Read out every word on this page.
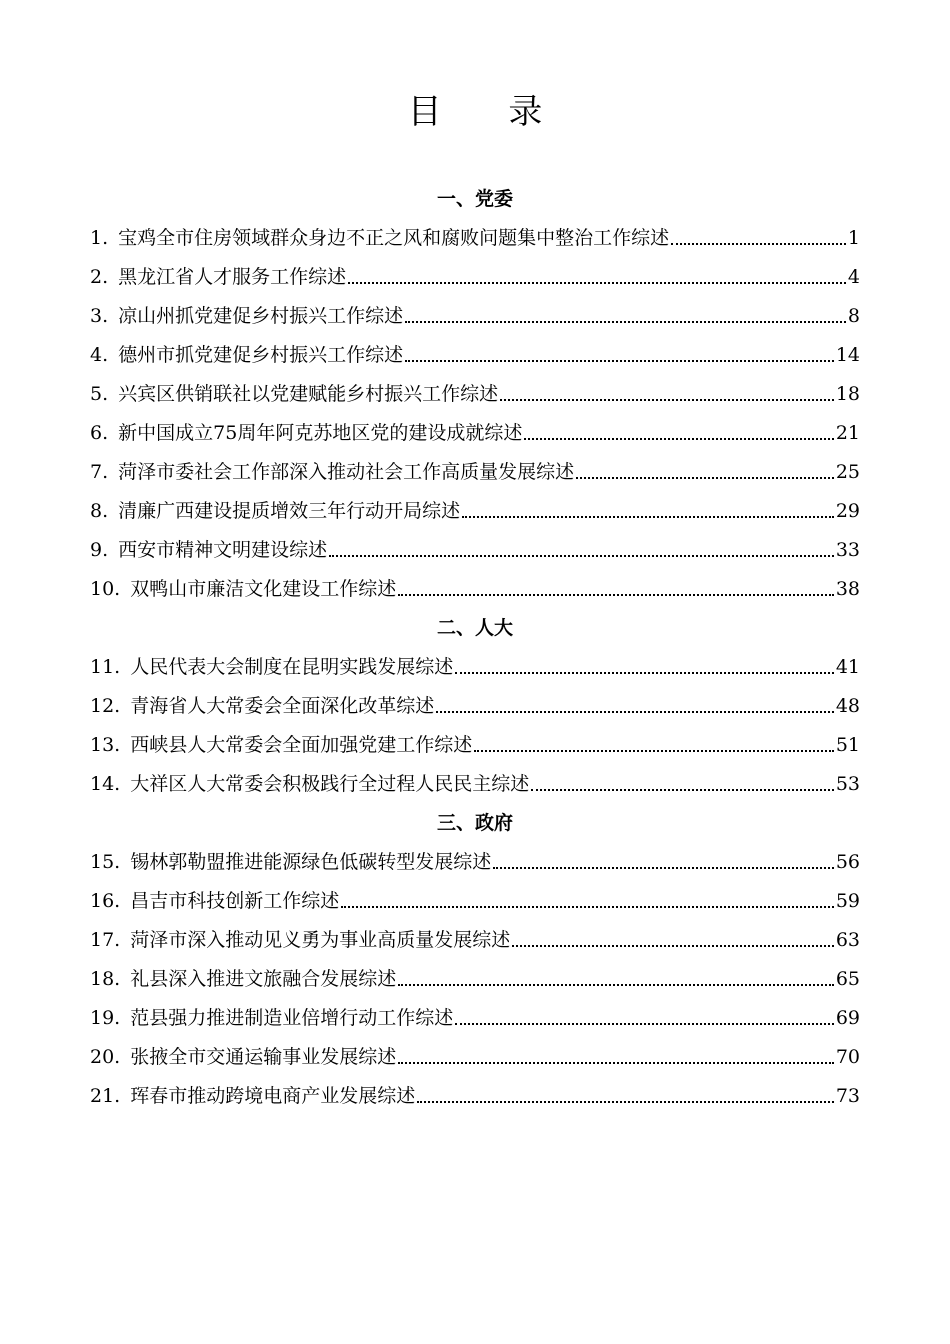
目 录
一、党委
1. 宝鸡全市住房领域群众身边不正之风和腐败问题集中整治工作综述	1
2. 黑龙江省人才服务工作综述	4
3. 凉山州抓党建促乡村振兴工作综述	8
4. 德州市抓党建促乡村振兴工作综述	14
5. 兴宾区供销联社以党建赋能乡村振兴工作综述	18
6. 新中国成立75周年阿克苏地区党的建设成就综述	21
7. 菏泽市委社会工作部深入推动社会工作高质量发展综述	25
8. 清廉广西建设提质增效三年行动开局综述	29
9. 西安市精神文明建设综述	33
10. 双鸭山市廉洁文化建设工作综述	38
二、人大
11. 人民代表大会制度在昆明实践发展综述	41
12. 青海省人大常委会全面深化改革综述	48
13. 西峡县人大常委会全面加强党建工作综述	51
14. 大祥区人大常委会积极践行全过程人民民主综述	53
三、政府
15. 锡林郭勒盟推进能源绿色低碳转型发展综述	56
16. 昌吉市科技创新工作综述	59
17. 菏泽市深入推动见义勇为事业高质量发展综述	63
18. 礼县深入推进文旅融合发展综述	65
19. 范县强力推进制造业倍增行动工作综述	69
20. 张掖全市交通运输事业发展综述	70
21. 珲春市推动跨境电商产业发展综述	73
